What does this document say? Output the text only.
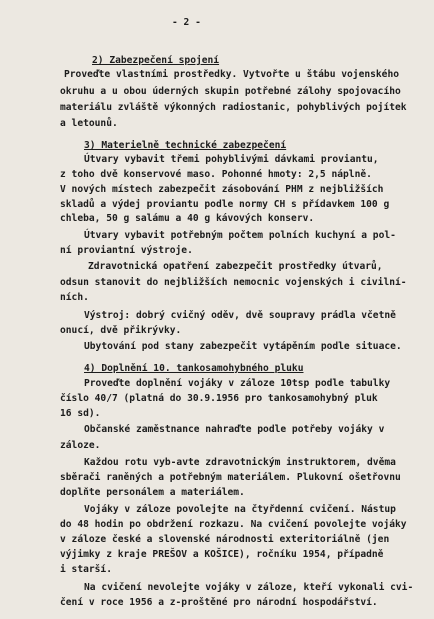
- 2 -
2) Zabezpečení spojení
Proveďte vlastními prostředky. Vytvořte u štábu vojenského
okruhu a u obou úderných skupin potřebné zálohy spojovacího
materiálu zvláště výkonných radiostanic, pohyblivých pojítek
a letounů.
3) Materielně technické zabezpečení
Útvary vybavit třemi pohyblivými dávkami proviantu,
z toho dvě konservové maso. Pohonné hmoty: 2,5 náplně.
V nových místech zabezpečit zásobování PHM z nejbližších
skladů a výdej proviantu podle normy CH s přídavkem 100 g
chleba, 50 g salámu a 40 g kávových konserv.
Útvary vybavit potřebným počtem polních kuchyní a pol-
ní proviantní výstroje.
Zdravotnická opatření zabezpečit prostředky útvarů,
odsun stanovit do nejbližších nemocnic vojenských i civilní-
ních.
Výstroj: dobrý cvičný oděv, dvě soupravy prádla včetně
onucí, dvě přikrývky.
Ubytování pod stany zabezpečit vytápěním podle situace.
4) Doplnění 10. tankosamohybného pluku
Proveďte doplnění vojáky v záloze 10tsp podle tabulky
číslo 40/7 (platná do 30.9.1956 pro tankosamohybný pluk
16 sd).
Občanské zaměstnance nahraďte podle potřeby vojáky v
záloze.
Každou rotu vyb-avte zdravotnickým instruktorem, dvěma
sběrači raněných a potřebným materiálem. Plukovní ošetřovnu
doplňte personálem a materiálem.
Vojáky v záloze povolejte na čtyřdenní cvičení. Nástup
do 48 hodin po obdržení rozkazu. Na cvičení povolejte vojáky
v záloze české a slovenské národnosti exteritoriálně (jen
výjimky z kraje PREŠOV a KOŠICE), ročníku 1954, případně
i starší.
Na cvičení nevolejte vojáky v záloze, kteří vykonali cvi-
čení v roce 1956 a z-proštěné pro národní hospodářství.
